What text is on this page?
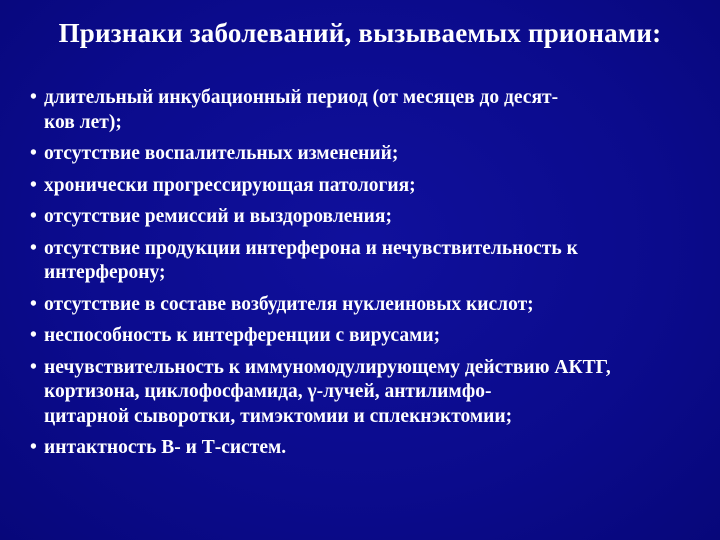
Признаки заболеваний, вызываемых прионами:
• длительный инкубационный период (от месяцев до десят-
ков лет);
• отсутствие воспалительных изменений;
• хронически прогрессирующая патология;
• отсутствие ремиссий и выздоровления;
• отсутствие продукции интерферона и нечувствительность к интерферону;
• отсутствие в составе возбудителя нуклеиновых кислот;
• неспособность к интерференции с вирусами;
• нечувствительность к иммуномодулирующему действию АКТГ, кортизона, циклофосфамида, γ-лучей, антилимфо-
цитарной сыворотки, тимэктомии и сплекнэктомии;
• интактность В- и Т-систем.
